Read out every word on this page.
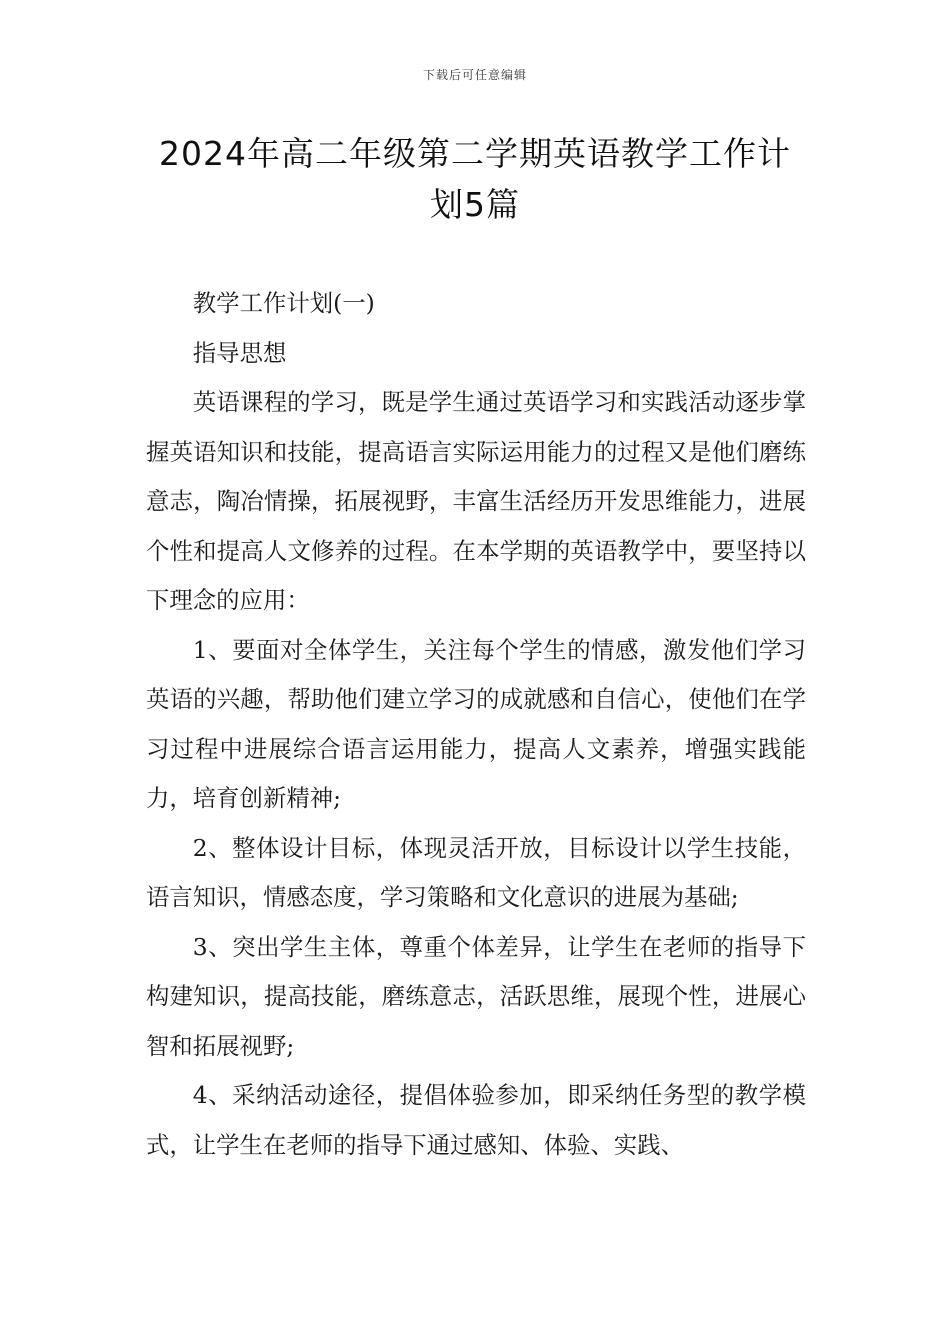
下载后可任意编辑
2024年高二年级第二学期英语教学工作计
划5篇

教学工作计划(一)

指导思想

英语课程的学习，既是学生通过英语学习和实践活动逐步掌握英语知识和技能，提高语言实际运用能力的过程又是他们磨练意志，陶冶情操，拓展视野，丰富生活经历开发思维能力，进展个性和提高人文修养的过程。在本学期的英语教学中，要坚持以下理念的应用：

1、要面对全体学生，关注每个学生的情感，激发他们学习英语的兴趣，帮助他们建立学习的成就感和自信心，使他们在学习过程中进展综合语言运用能力，提高人文素养，增强实践能力，培育创新精神;

2、整体设计目标，体现灵活开放，目标设计以学生技能，语言知识，情感态度，学习策略和文化意识的进展为基础;

3、突出学生主体，尊重个体差异，让学生在老师的指导下构建知识，提高技能，磨练意志，活跃思维，展现个性，进展心智和拓展视野;

4、采纳活动途径，提倡体验参加，即采纳任务型的教学模式，让学生在老师的指导下通过感知、体验、实践、
